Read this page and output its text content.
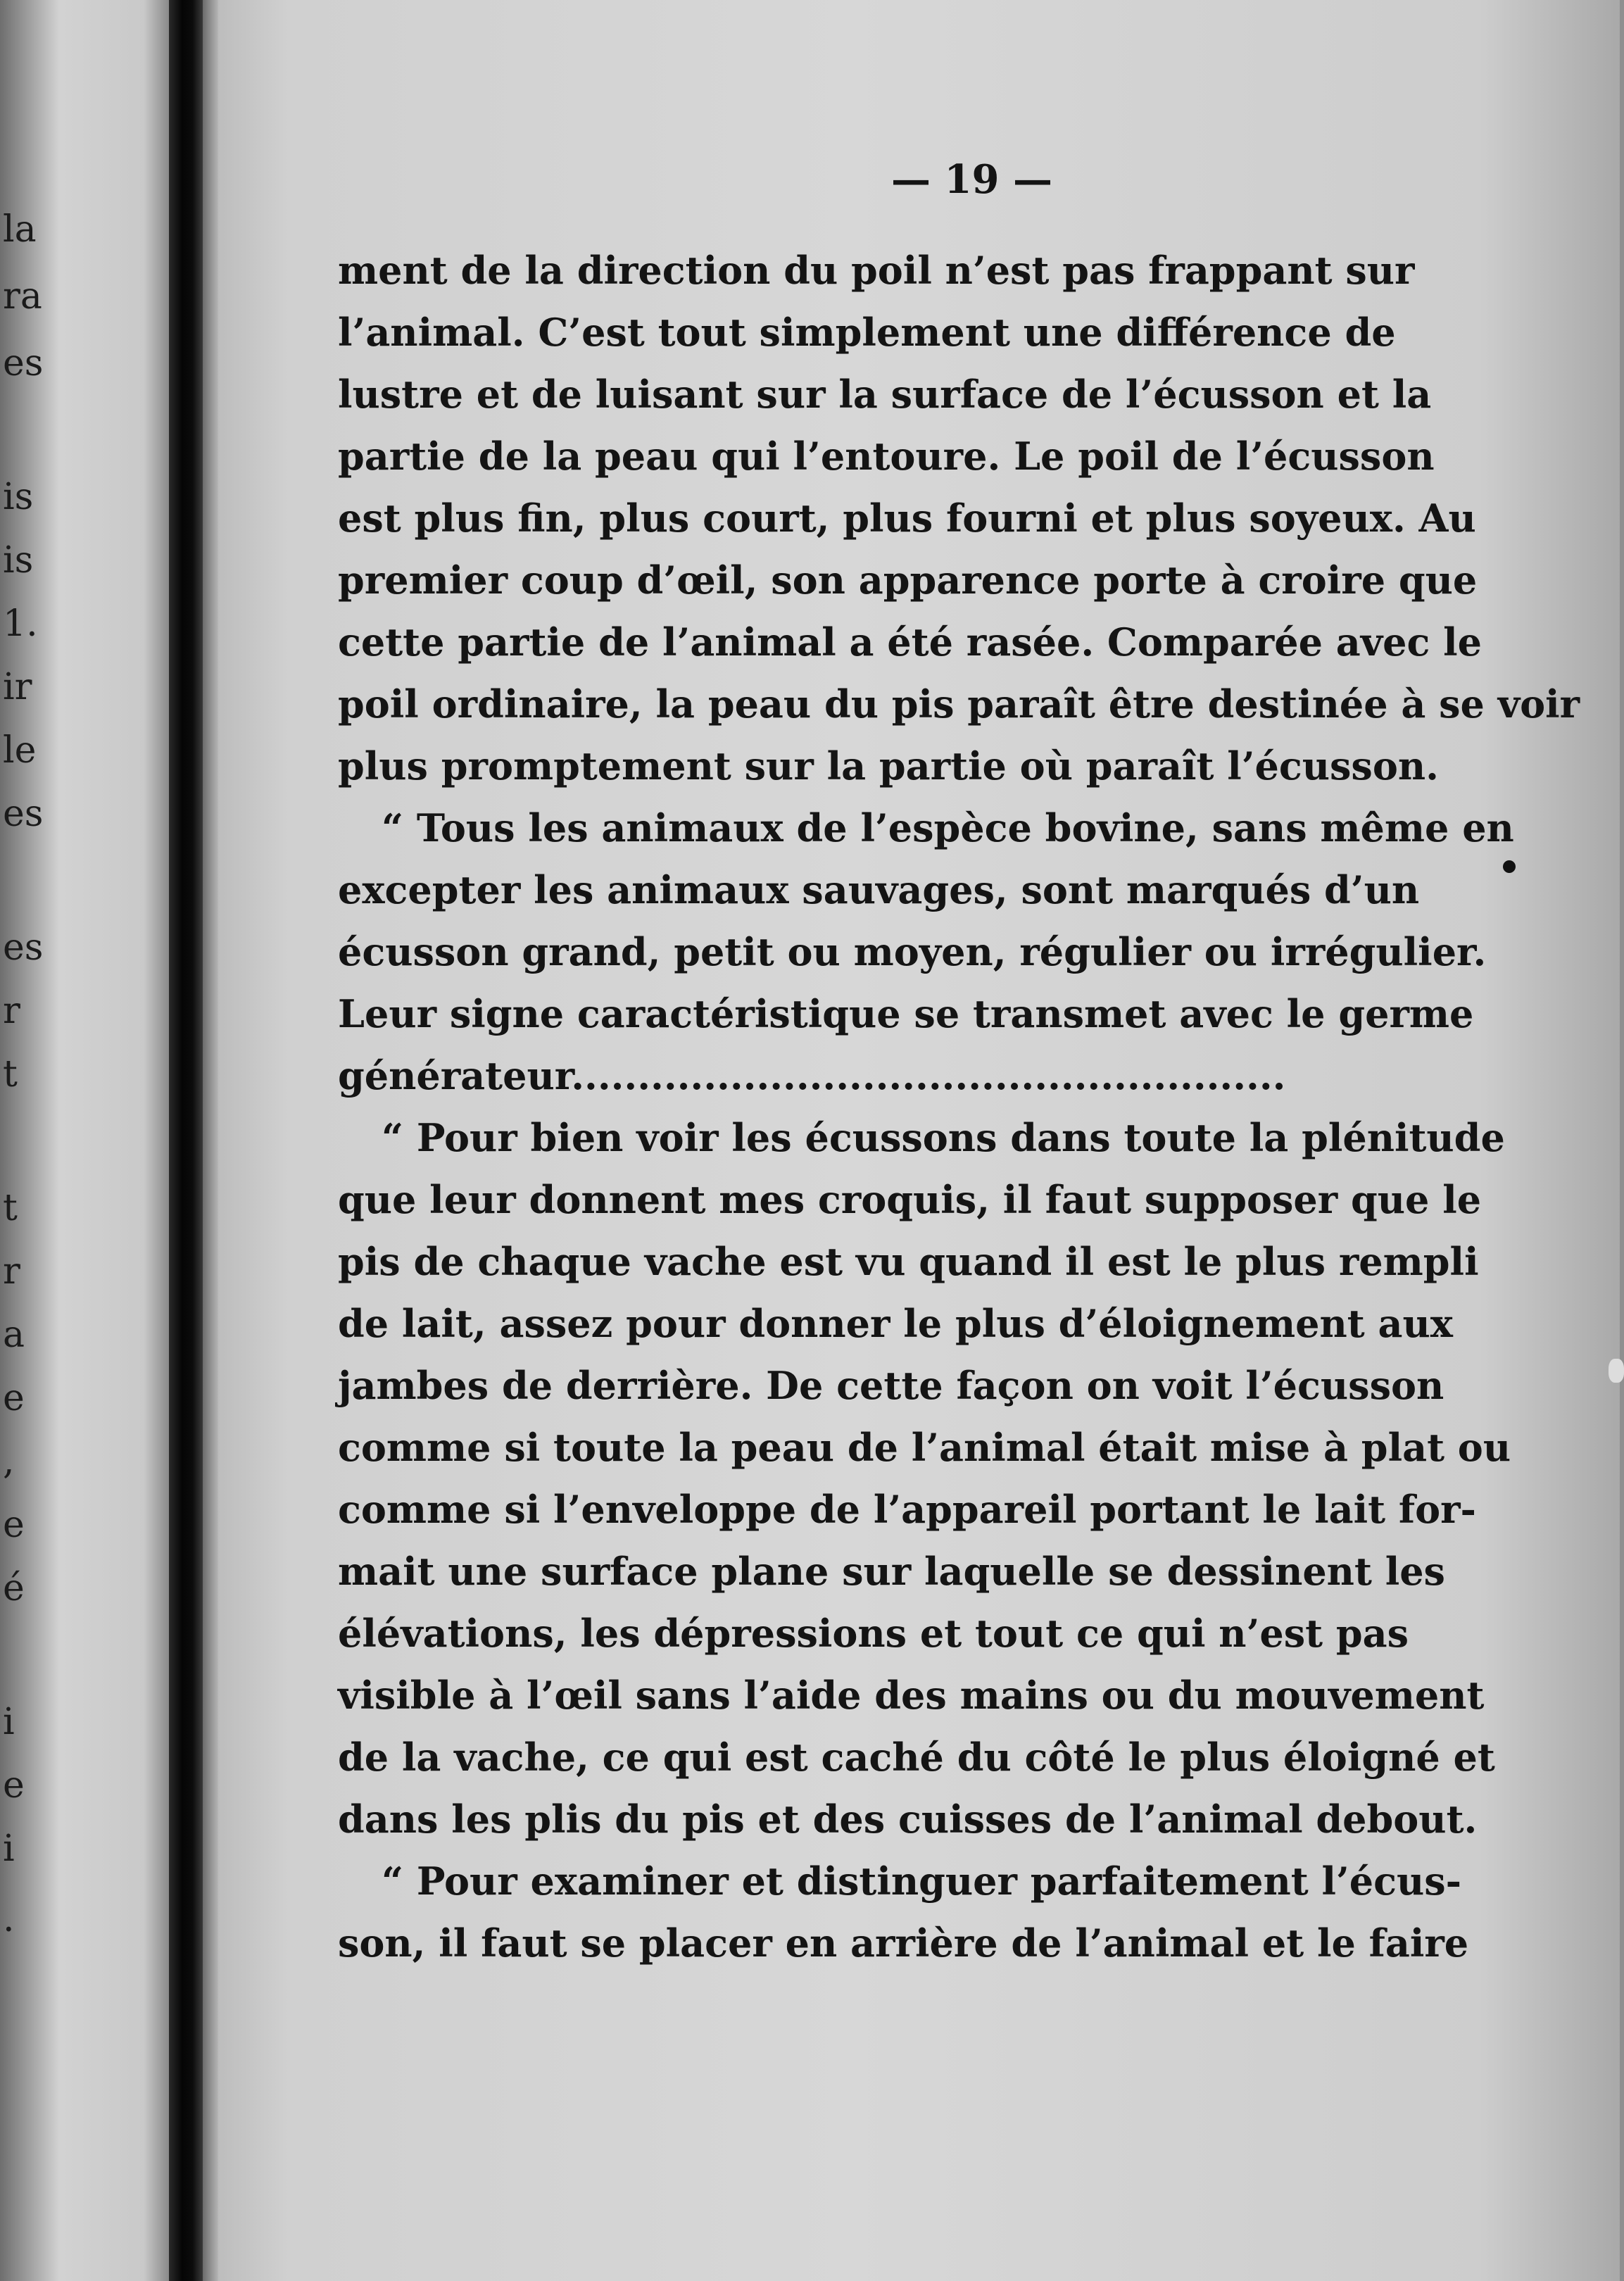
la
ra
es
is
is
1.
ir
le
es
es
r
t
t
r
a
e
,
e
é
i
e
i
.
— 19 —
ment de la direction du poil n’est pas frappant sur
l’animal. C’est tout simplement une différence de
lustre et de luisant sur la surface de l’écusson et la
partie de la peau qui l’entoure. Le poil de l’écusson
est plus fin, plus court, plus fourni et plus soyeux. Au
premier coup d’œil, son apparence porte à croire que
cette partie de l’animal a été rasée. Comparée avec le
poil ordinaire, la peau du pis paraît être destinée à se voir
plus promptement sur la partie où paraît l’écusson.
“ Tous les animaux de l’espèce bovine, sans même en
excepter les animaux sauvages, sont marqués d’un
écusson grand, petit ou moyen, régulier ou irrégulier.
Leur signe caractéristique se transmet avec le germe
générateur......................................................
“ Pour bien voir les écussons dans toute la plénitude
que leur donnent mes croquis, il faut supposer que le
pis de chaque vache est vu quand il est le plus rempli
de lait, assez pour donner le plus d’éloignement aux
jambes de derrière. De cette façon on voit l’écusson
comme si toute la peau de l’animal était mise à plat ou
comme si l’enveloppe de l’appareil portant le lait for-
mait une surface plane sur laquelle se dessinent les
élévations, les dépressions et tout ce qui n’est pas
visible à l’œil sans l’aide des mains ou du mouvement
de la vache, ce qui est caché du côté le plus éloigné et
dans les plis du pis et des cuisses de l’animal debout.
“ Pour examiner et distinguer parfaitement l’écus-
son, il faut se placer en arrière de l’animal et le faire
